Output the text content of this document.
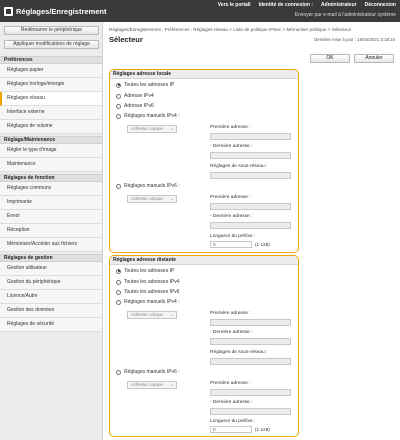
Réglages/Enregistrement
Vers le portail Identité de connexion : Administrateur Déconnexion
Envoyer par e-mail à l'administrateur système
Redémarrer le périphérique
Appliquer modifications de réglage
Préférences
Réglages papier
Réglages horloge/énergie
Réglages réseau
Interface externe
Réglages de volume
Réglage/Maintenance
Régler le type d'image
Maintenance
Réglages de fonction
Réglages communs
Imprimante
Envoi
Réception
Mémoriser/Accéder aux fichiers
Réglages de gestion
Gestion utilisateur
Gestion du périphérique
Licence/Autre
Gestion des données
Réglages de sécurité
Réglages/Enregistrement : Préférences : Réglages réseau > Liste de politique IPSec > Mémoriser politique > Sélecteur
Sélecteur	Dernière mise à jour : 15/04/2021 3:18:15
OK	Annuler
Réglages adresse locale
Toutes les adresses IP
Adresse IPv4
Adresse IPv6
Réglages manuels IPv4 :
Adresse unique ⌄	Première adresse :
- Dernière adresse :
Réglages de sous-réseau :
Réglages manuels IPv6 :
Adresse unique ⌄	Première adresse :
- Dernière adresse :
Longueur du préfixe :
0	(1-128)
Réglages adresse distante
Toutes les adresses IP
Toutes les adresses IPv4
Toutes les adresses IPv6
Réglages manuels IPv4 :
Adresse unique ⌄	Première adresse :
- Dernière adresse :
Réglages de sous-réseau :
Réglages manuels IPv6 :
Adresse unique ⌄	Première adresse :
- Dernière adresse :
Longueur du préfixe :
0	(1-128)
